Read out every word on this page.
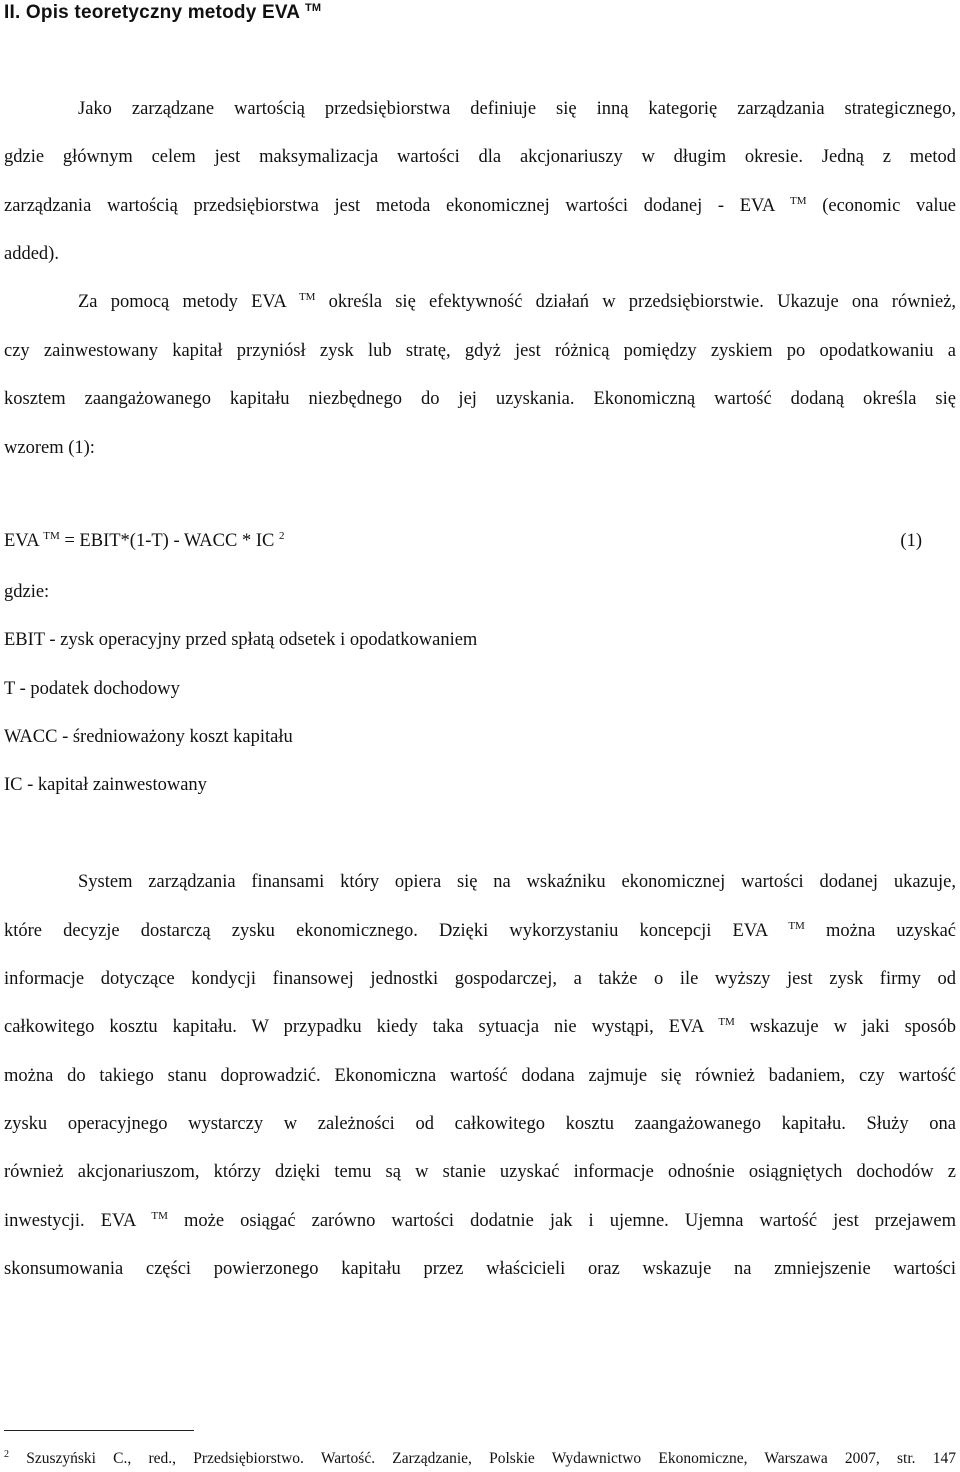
II. Opis teoretyczny metody EVA ™
Jako zarządzane wartością przedsiębiorstwa definiuje się inną kategorię zarządzania strategicznego,
gdzie głównym celem jest maksymalizacja wartości dla akcjonariuszy w długim okresie. Jedną z metod
zarządzania wartością przedsiębiorstwa jest metoda ekonomicznej wartości dodanej - EVA ™ (economic value
added).
Za pomocą metody EVA ™ określa się efektywność działań w przedsiębiorstwie. Ukazuje ona również,
czy zainwestowany kapitał przyniósł zysk lub stratę, gdyż jest różnicą pomiędzy zyskiem po opodatkowaniu a
kosztem zaangażowanego kapitału niezbędnego do jej uzyskania. Ekonomiczną wartość dodaną określa się
wzorem (1):
EVA ™ = EBIT*(1-T) - WACC * IC $^2$	(1)
gdzie:
EBIT - zysk operacyjny przed spłatą odsetek i opodatkowaniem
T - podatek dochodowy
WACC - średnioważony koszt kapitału
IC - kapitał zainwestowany
System zarządzania finansami który opiera się na wskaźniku ekonomicznej wartości dodanej ukazuje,
które decyzje dostarczą zysku ekonomicznego. Dzięki wykorzystaniu koncepcji EVA ™ można uzyskać
informacje dotyczące kondycji finansowej jednostki gospodarczej, a także o ile wyższy jest zysk firmy od
całkowitego kosztu kapitału. W przypadku kiedy taka sytuacja nie wystąpi, EVA ™ wskazuje w jaki sposób
można do takiego stanu doprowadzić. Ekonomiczna wartość dodana zajmuje się również badaniem, czy wartość
zysku operacyjnego wystarczy w zależności od całkowitego kosztu zaangażowanego kapitału. Służy ona
również akcjonariuszom, którzy dzięki temu są w stanie uzyskać informacje odnośnie osiągniętych dochodów z
inwestycji. EVA ™ może osiągać zarówno wartości dodatnie jak i ujemne. Ujemna wartość jest przejawem
skonsumowania części powierzonego kapitału przez właścicieli oraz wskazuje na zmniejszenie wartości
$^2$ Szuszyński C., red., Przedsiębiorstwo. Wartość. Zarządzanie, Polskie Wydawnictwo Ekonomiczne, Warszawa 2007, str. 147
